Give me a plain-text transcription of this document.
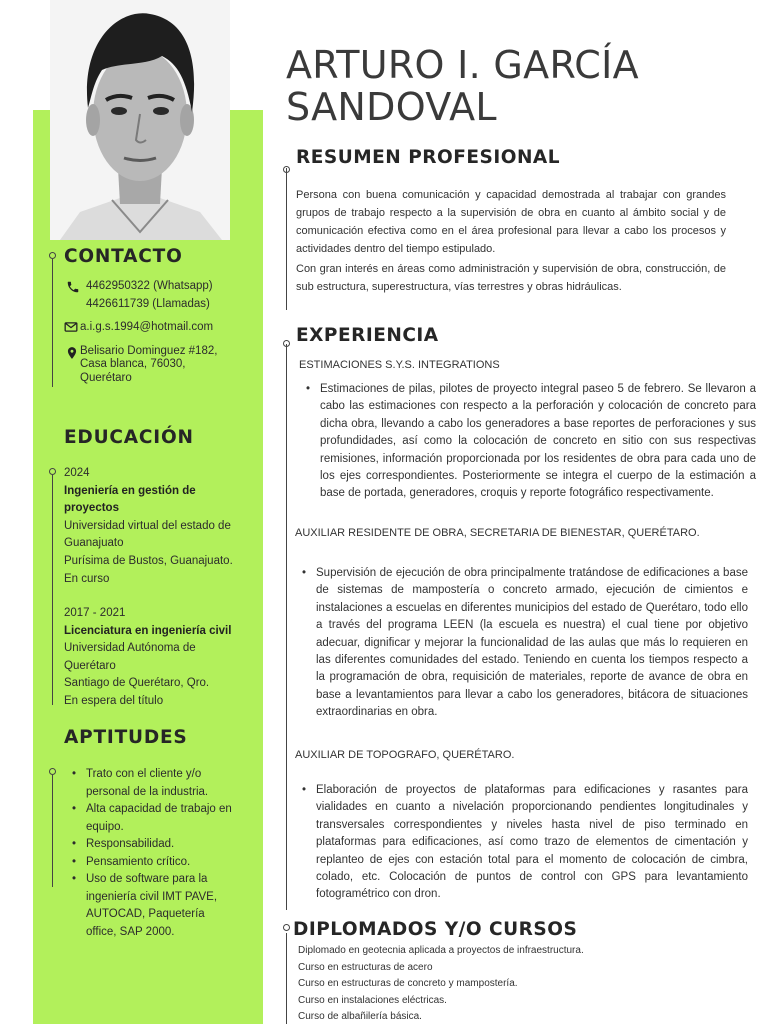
CONTACTO
4462950322 (Whatsapp)
4426611739 (Llamadas)
a.i.g.s.1994@hotmail.com
Belisario Dominguez #182,
Casa blanca, 76030,
Querétaro
EDUCACIÓN
2024
Ingeniería en gestión de
proyectos
Universidad virtual del estado de
Guanajuato
Purísima de Bustos, Guanajuato.
En curso
2017 - 2021
Licenciatura en ingeniería civil
Universidad Autónoma de
Querétaro
Santiago de Querétaro, Qro.
En espera del título
APTITUDES
• Trato con el cliente y/o personal de la industria.
• Alta capacidad de trabajo en equipo.
• Responsabilidad.
• Pensamiento crítico.
• Uso de software para la ingeniería civil IMT PAVE, AUTOCAD, Paquetería office, SAP 2000.
ARTURO I. GARCÍA
SANDOVAL
RESUMEN PROFESIONAL
Persona con buena comunicación y capacidad demostrada al trabajar con grandes grupos de trabajo respecto a la supervisión de obra en cuanto al ámbito social y de comunicación efectiva como en el área profesional para llevar a cabo los procesos y actividades dentro del tiempo estipulado.
Con gran interés en áreas como administración y supervisión de obra, construcción, de sub estructura, superestructura, vías terrestres y obras hidráulicas.
EXPERIENCIA
ESTIMACIONES S.Y.S. INTEGRATIONS
• Estimaciones de pilas, pilotes de proyecto integral paseo 5 de febrero. Se llevaron a cabo las estimaciones con respecto a la perforación y colocación de concreto para dicha obra, llevando a cabo los generadores a base reportes de perforaciones y sus profundidades, así como la colocación de concreto en sitio con sus respectivas remisiones, información proporcionada por los residentes de obra para cada uno de los ejes correspondientes. Posteriormente se integra el cuerpo de la estimación a base de portada, generadores, croquis y reporte fotográfico respectivamente.
AUXILIAR RESIDENTE DE OBRA, SECRETARIA DE BIENESTAR, QUERÉTARO.
• Supervisión de ejecución de obra principalmente tratándose de edificaciones a base de sistemas de mampostería o concreto armado, ejecución de cimientos e instalaciones a escuelas en diferentes municipios del estado de Querétaro, todo ello a través del programa LEEN (la escuela es nuestra) el cual tiene por objetivo adecuar, dignificar y mejorar la funcionalidad de las aulas que más lo requieren en las diferentes comunidades del estado. Teniendo en cuenta los tiempos respecto a la programación de obra, requisición de materiales, reporte de avance de obra en base a levantamientos para llevar a cabo los generadores, bitácora de situaciones extraordinarias en obra.
AUXILIAR DE TOPOGRAFO, QUERÉTARO.
• Elaboración de proyectos de plataformas para edificaciones y rasantes para vialidades en cuanto a nivelación proporcionando pendientes longitudinales y transversales correspondientes y niveles hasta nivel de piso terminado en plataformas para edificaciones, así como trazo de elementos de cimentación y replanteo de ejes con estación total para el momento de colocación de cimbra, colado, etc. Colocación de puntos de control con GPS para levantamiento fotogramétrico con dron.
DIPLOMADOS Y/O CURSOS
Diplomado en geotecnia aplicada a proyectos de infraestructura.
Curso en estructuras de acero
Curso en estructuras de concreto y mampostería.
Curso en instalaciones eléctricas.
Curso de albañilería básica.
